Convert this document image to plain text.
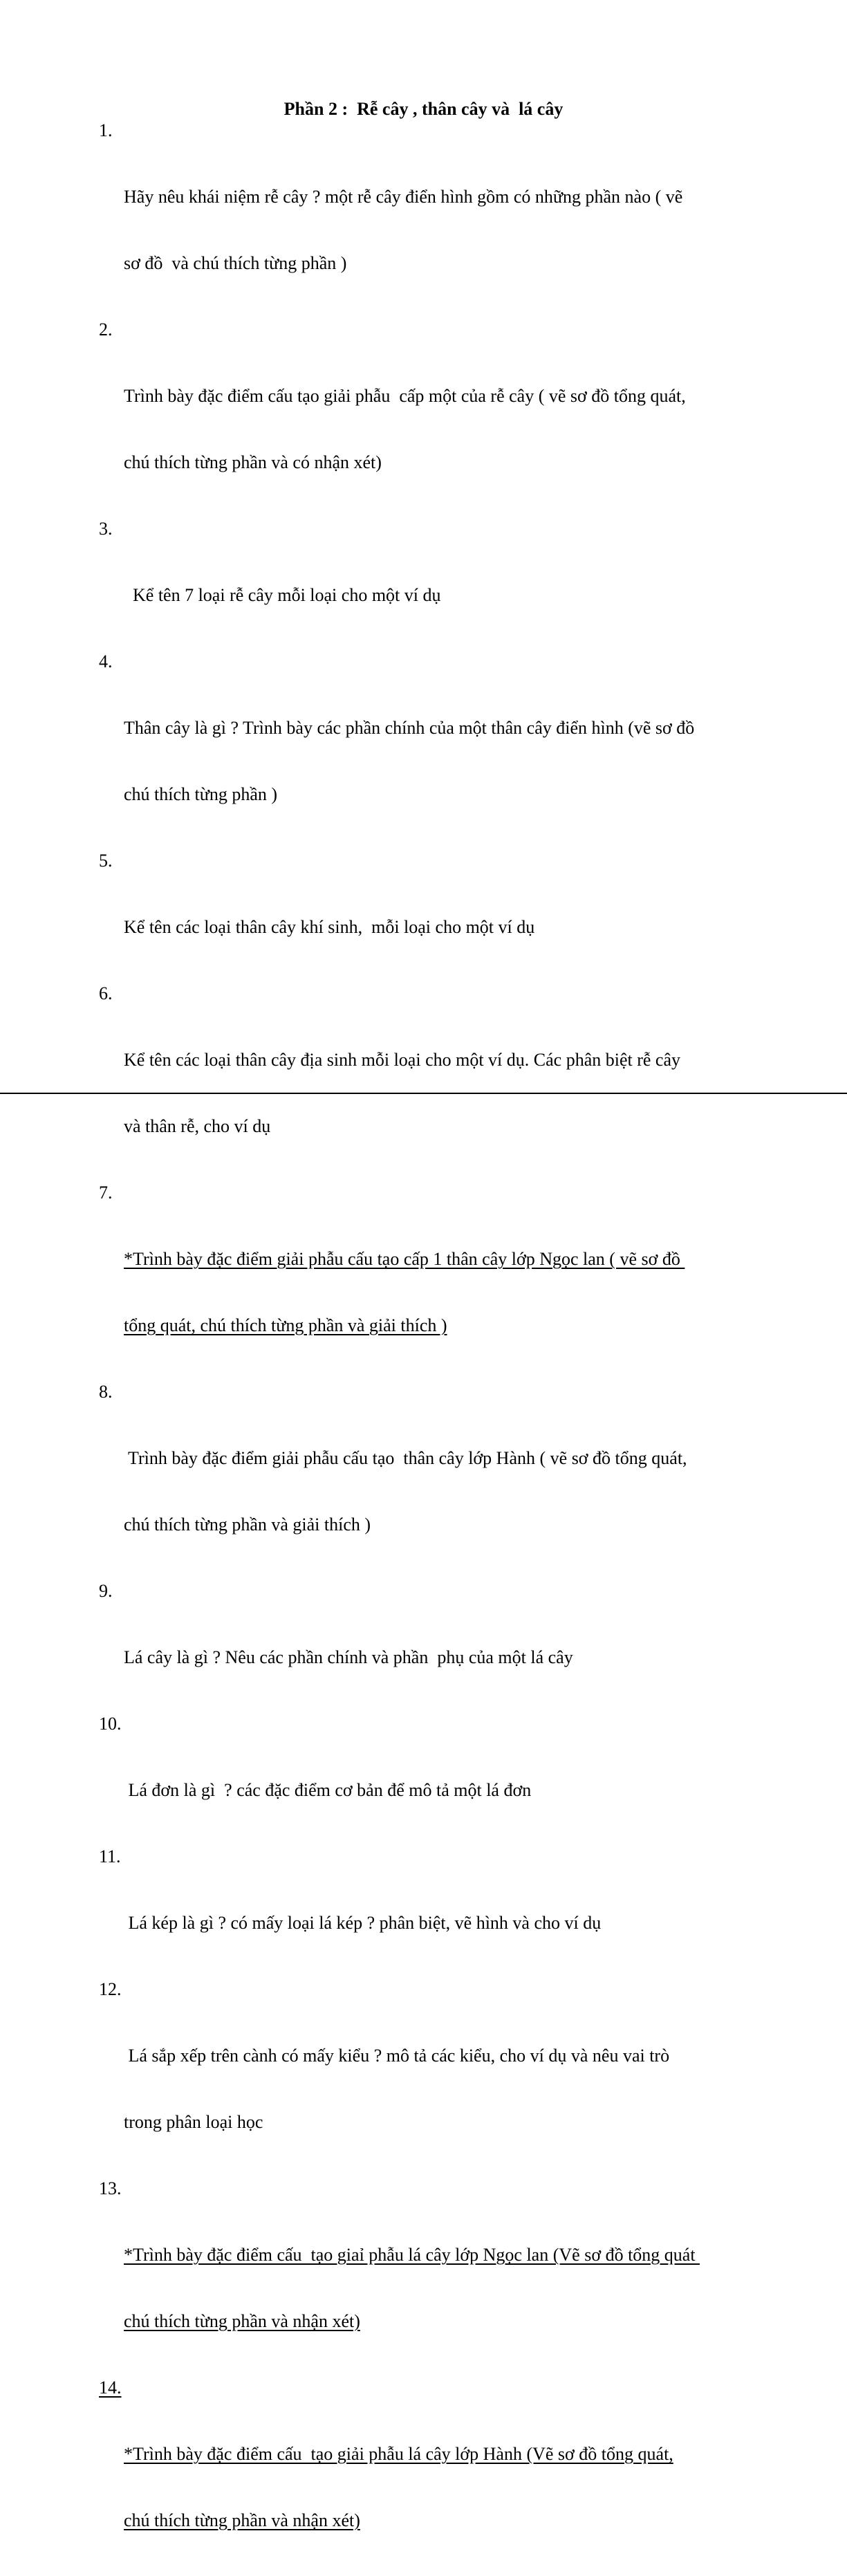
Phần 2 :  Rễ cây , thân cây và  lá cây

1.

Hãy nêu khái niệm rễ cây ? một rễ cây điển hình gồm có những phần nào ( vẽ

sơ đồ  và chú thích từng phần )

2.

Trình bày đặc điểm cấu tạo giải phẫu  cấp một của rễ cây ( vẽ sơ đồ tổng quát,

chú thích từng phần và có nhận xét)

3.

Kể tên 7 loại rễ cây mỗi loại cho một ví dụ

4.

Thân cây là gì ? Trình bày các phần chính của một thân cây điển hình (vẽ sơ đồ

chú thích từng phần )

5.

Kể tên các loại thân cây khí sinh,  mỗi loại cho một ví dụ

6.

Kể tên các loại thân cây địa sinh mỗi loại cho một ví dụ. Các phân biệt rễ cây

và thân rễ, cho ví dụ

7.

*Trình bày đặc điểm giải phẫu cấu tạo cấp 1 thân cây lớp Ngọc lan ( vẽ sơ đồ

tổng quát, chú thích từng phần và giải thích )

8.

Trình bày đặc điểm giải phẫu cấu tạo  thân cây lớp Hành ( vẽ sơ đồ tổng quát,

chú thích từng phần và giải thích )

9.

Lá cây là gì ? Nêu các phần chính và phần  phụ của một lá cây

10.

Lá đơn là gì  ? các đặc điểm cơ bản để mô tả một lá đơn

11.

Lá kép là gì ? có mấy loại lá kép ? phân biệt, vẽ hình và cho ví dụ

12.

Lá sắp xếp trên cành có mấy kiểu ? mô tả các kiểu, cho ví dụ và nêu vai trò

trong phân loại học

13.

*Trình bày đặc điểm cấu  tạo giaỉ phẫu lá cây lớp Ngọc lan (Vẽ sơ đồ tổng quát

chú thích từng phần và nhận xét)

14.

*Trình bày đặc điểm cấu  tạo giải phẫu lá cây lớp Hành (Vẽ sơ đồ tổng quát,

chú thích từng phần và nhận xét)
